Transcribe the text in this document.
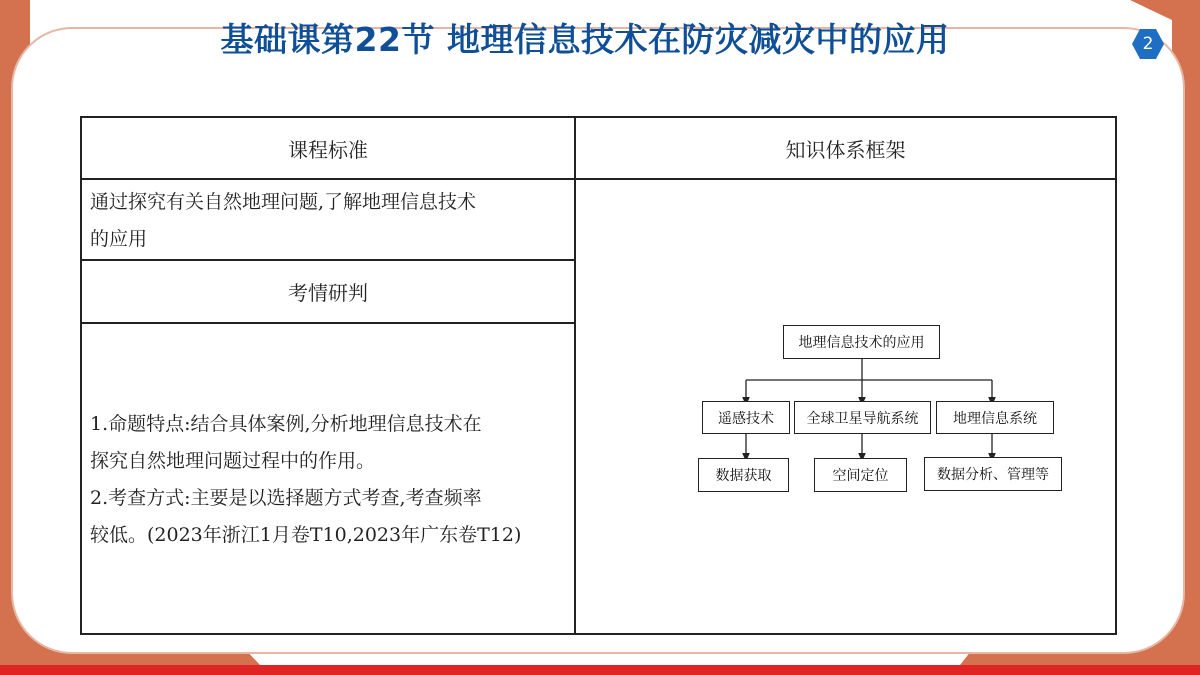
基础课第22节 地理信息技术在防灾减灾中的应用	2
课程标准	知识体系框架
通过探究有关自然地理问题,了解地理信息技术
的应用
考情研判
1.命题特点:结合具体案例,分析地理信息技术在
探究自然地理问题过程中的作用。
2.考查方式:主要是以选择题方式考查,考查频率
较低。(2023年浙江1月卷T10,2023年广东卷T12)
地理信息技术的应用
遥感技术	全球卫星导航系统	地理信息系统
数据获取	空间定位	数据分析、管理等
